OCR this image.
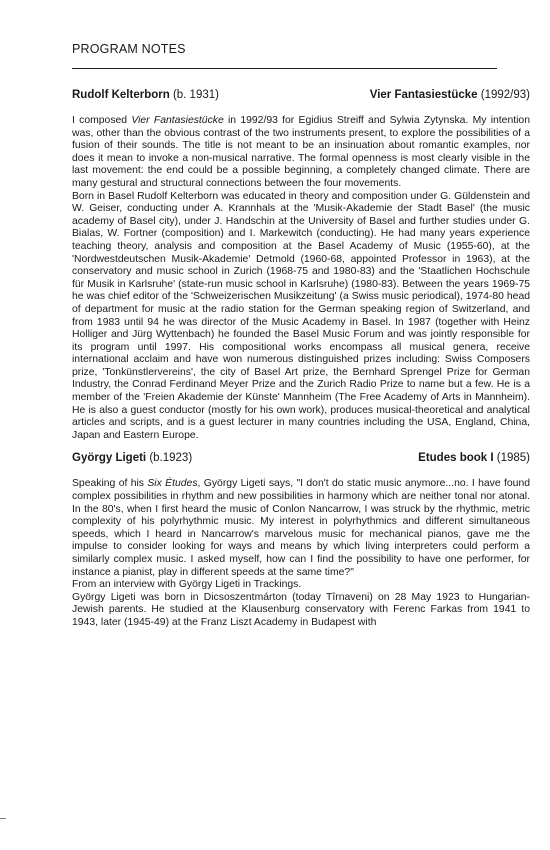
PROGRAM NOTES
Rudolf Kelterborn (b. 1931)	Vier Fantasiestücke (1992/93)

I composed Vier Fantasiestücke in 1992/93 for Egidius Streiff and Sylwia Zytynska. My intention was, other than the obvious contrast of the two instruments present, to explore the possibilities of a fusion of their sounds. The title is not meant to be an insinuation about romantic examples, nor does it mean to invoke a non-musical narrative. The formal openness is most clearly visible in the last movement: the end could be a possible beginning, a completely changed climate. There are many gestural and structural connections between the four movements.

Born in Basel Rudolf Kelterborn was educated in theory and composition under G. Güldenstein and W. Geiser, conducting under A. Krannhals at the 'Musik-Akademie der Stadt Basel' (the music academy of Basel city), under J. Handschin at the University of Basel and further studies under G. Bialas, W. Fortner (composition) and I. Markewitch (conducting). He had many years experience teaching theory, analysis and composition at the Basel Academy of Music (1955-60), at the 'Nordwestdeutschen Musik-Akademie' Detmold (1960-68, appointed Professor in 1963), at the conservatory and music school in Zurich (1968-75 and 1980-83) and the 'Staatlichen Hochschule für Musik in Karlsruhe' (state-run music school in Karlsruhe) (1980-83). Between the years 1969-75 he was chief editor of the 'Schweizerischen Musikzeitung' (a Swiss music periodical), 1974-80 head of department for music at the radio station for the German speaking region of Switzerland, and from 1983 until 94 he was director of the Music Academy in Basel. In 1987 (together with Heinz Holliger and Jürg Wyttenbach) he founded the Basel Music Forum and was jointly responsible for its program until 1997. His compositional works encompass all musical genera, receive international acclaim and have won numerous distinguished prizes including: Swiss Composers prize, 'Tonkünstlervereins', the city of Basel Art prize, the Bernhard Sprengel Prize for German Industry, the Conrad Ferdinand Meyer Prize and the Zurich Radio Prize to name but a few. He is a member of the 'Freien Akademie der Künste' Mannheim (The Free Academy of Arts in Mannheim). He is also a guest conductor (mostly for his own work), produces musical-theoretical and analytical articles and scripts, and is a guest lecturer in many countries including the USA, England, China, Japan and Eastern Europe.

György Ligeti (b.1923)	Etudes book I (1985)

Speaking of his Six Études, György Ligeti says, "I don't do static music anymore...no. I have found complex possibilities in rhythm and new possibilities in harmony which are neither tonal nor atonal. In the 80's, when I first heard the music of Conlon Nancarrow, I was struck by the rhythmic, metric complexity of his polyrhythmic music. My interest in polyrhythmics and different simultaneous speeds, which I heard in Nancarrow's marvelous music for mechanical pianos, gave me the impulse to consider looking for ways and means by which living interpreters could perform a similarly complex music. I asked myself, how can I find the possibility to have one performer, for instance a pianist, play in different speeds at the same time?"

From an interview with György Ligeti in Trackings.

György Ligeti was born in Dicsoszentmárton (today Tîrnaveni) on 28 May 1923 to Hungarian-Jewish parents. He studied at the Klausenburg conservatory with Ferenc Farkas from 1941 to 1943, later (1945-49) at the Franz Liszt Academy in Budapest with
